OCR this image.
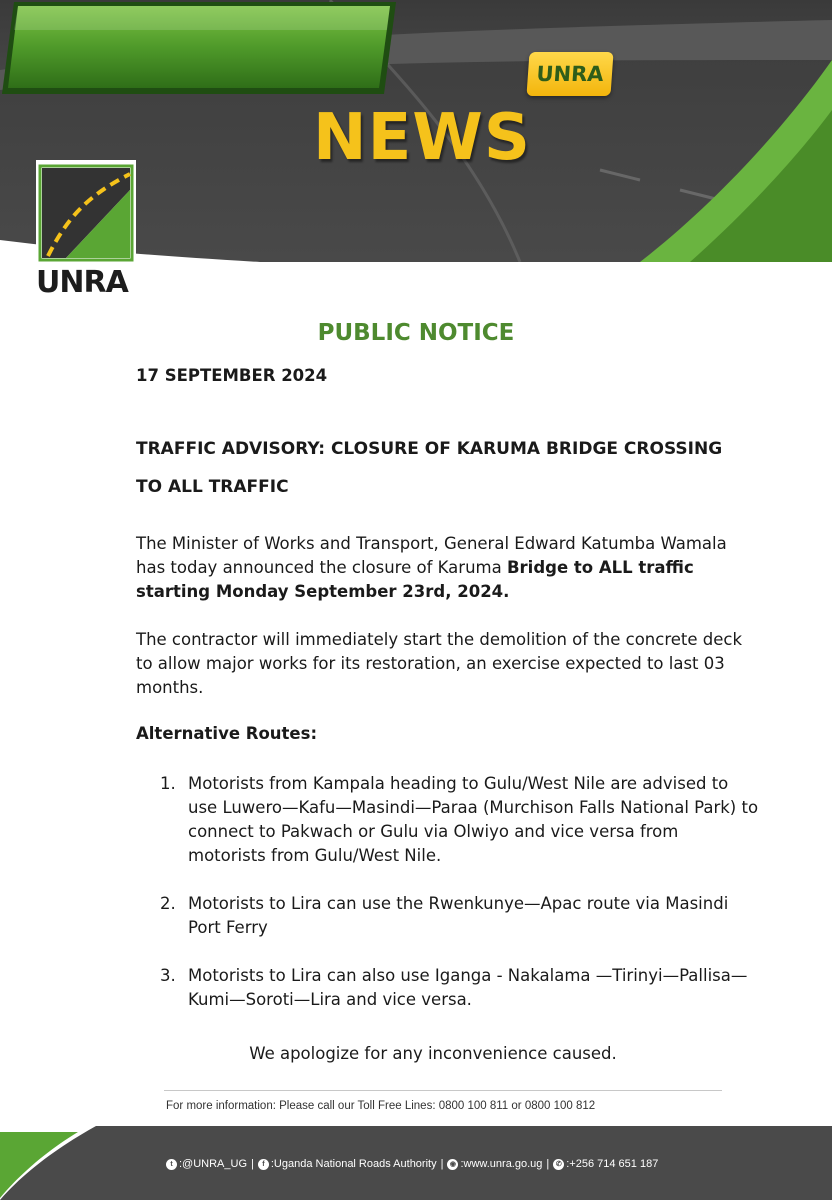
UNRA
NEWS
UNRA
PUBLIC NOTICE
17 SEPTEMBER 2024
TRAFFIC ADVISORY: CLOSURE OF KARUMA BRIDGE CROSSING
TO ALL TRAFFIC

The Minister of Works and Transport, General Edward Katumba Wamala has today announced the closure of Karuma Bridge to ALL traffic starting Monday September 23rd, 2024.

The contractor will immediately start the demolition of the concrete deck to allow major works for its restoration, an exercise expected to last 03 months.

Alternative Routes:
1. Motorists from Kampala heading to Gulu/West Nile are advised to use Luwero—Kafu—Masindi—Paraa (Murchison Falls National Park) to connect to Pakwach or Gulu via Olwiyo and vice versa from motorists from Gulu/West Nile.
2. Motorists to Lira can use the Rwenkunye—Apac route via Masindi Port Ferry
3. Motorists to Lira can also use Iganga - Nakalama —Tirinyi—Pallisa—Kumi—Soroti—Lira and vice versa.
We apologize for any inconvenience caused.
For more information: Please call our Toll Free Lines: 0800 100 811 or 0800 100 812
t :@UNRA_UG |	f :Uganda National Roads Authority | ◉ :www.unra.go.ug | ✆ :+256 714 651 187
